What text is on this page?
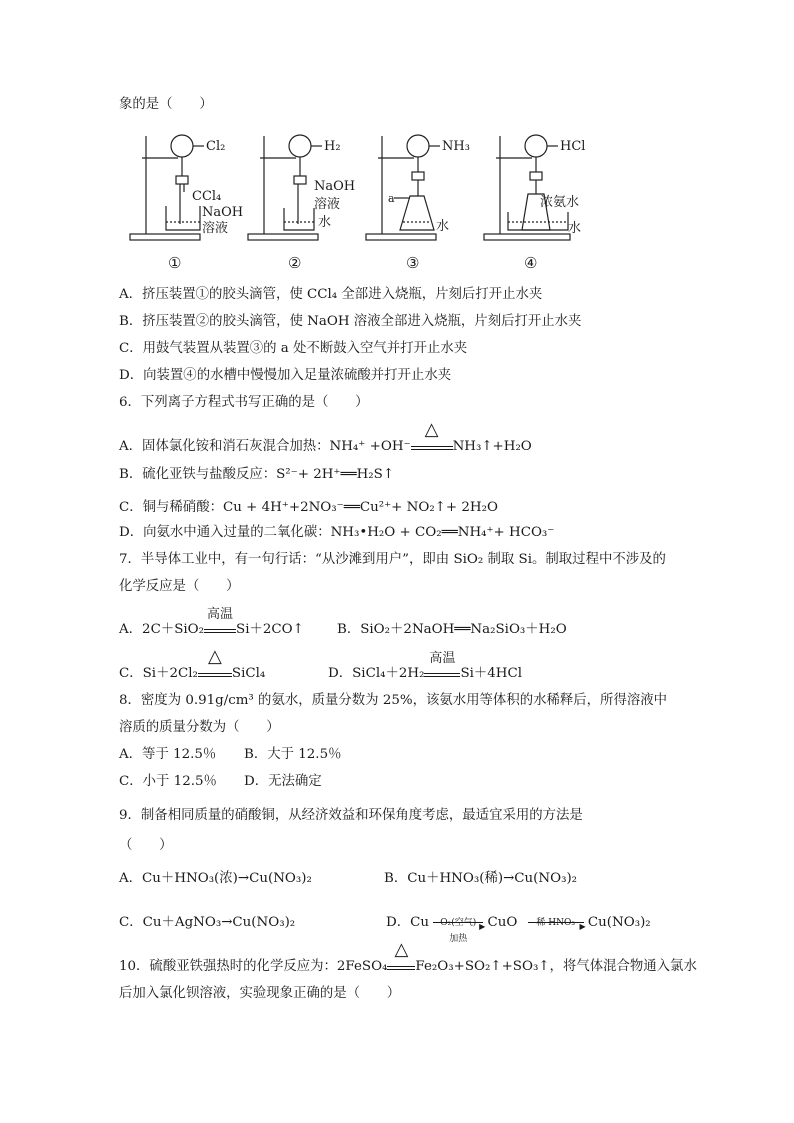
象的是（　　）
Cl₂
CCl₄
NaOH
溶液
①
H₂
NaOH
溶液
水
②
NH₃
a
水
③
HCl
浓氨水
水
④
A．挤压装置①的胶头滴管，使 CCl₄ 全部进入烧瓶，片刻后打开止水夹
B．挤压装置②的胶头滴管，使 NaOH 溶液全部进入烧瓶，片刻后打开止水夹
C．用鼓气装置从装置③的 a 处不断鼓入空气并打开止水夹
D．向装置④的水槽中慢慢加入足量浓硫酸并打开止水夹
6．下列离子方程式书写正确的是（　　）
A．固体氯化铵和消石灰混合加热：NH₄⁺ +OH⁻
△
NH₃↑+H₂O
B．硫化亚铁与盐酸反应：S²⁻+ 2H⁺══H₂S↑
C．铜与稀硝酸：Cu + 4H⁺+2NO₃⁻══Cu²⁺+ NO₂↑+ 2H₂O
D．向氨水中通入过量的二氧化碳：NH₃•H₂O + CO₂══NH₄⁺+ HCO₃⁻
7．半导体工业中，有一句行话：“从沙滩到用户”，即由 SiO₂ 制取 Si。制取过程中不涉及的
化学反应是（　　）
A．2C＋SiO₂
高温
Si＋2CO↑ B．SiO₂＋2NaOH══Na₂SiO₃＋H₂O
C．Si＋2Cl₂
△
SiCl₄	D．SiCl₄＋2H₂
高温
Si＋4HCl
8．密度为 0.91g/cm³ 的氨水，质量分数为 25%，该氨水用等体积的水稀释后，所得溶液中
溶质的质量分数为（　　）
A．等于 12.5％ B．大于 12.5％
C．小于 12.5％ D．无法确定
9．制备相同质量的硝酸铜，从经济效益和环保角度考虑，最适宜采用的方法是
（　　）
A．Cu＋HNO₃(浓)→Cu(NO₃)₂	B．Cu＋HNO₃(稀)→Cu(NO₃)₂
C．Cu＋AgNO₃→Cu(NO₃)₂	D．Cu	O₂(空气) ▶
加热
CuO	稀 HNO₃ ▶ Cu(NO₃)₂
10．硫酸亚铁强热时的化学反应为：2FeSO₄
△
Fe₂O₃+SO₂↑+SO₃↑，将气体混合物通入氯水
后加入氯化钡溶液，实验现象正确的是（　　）
